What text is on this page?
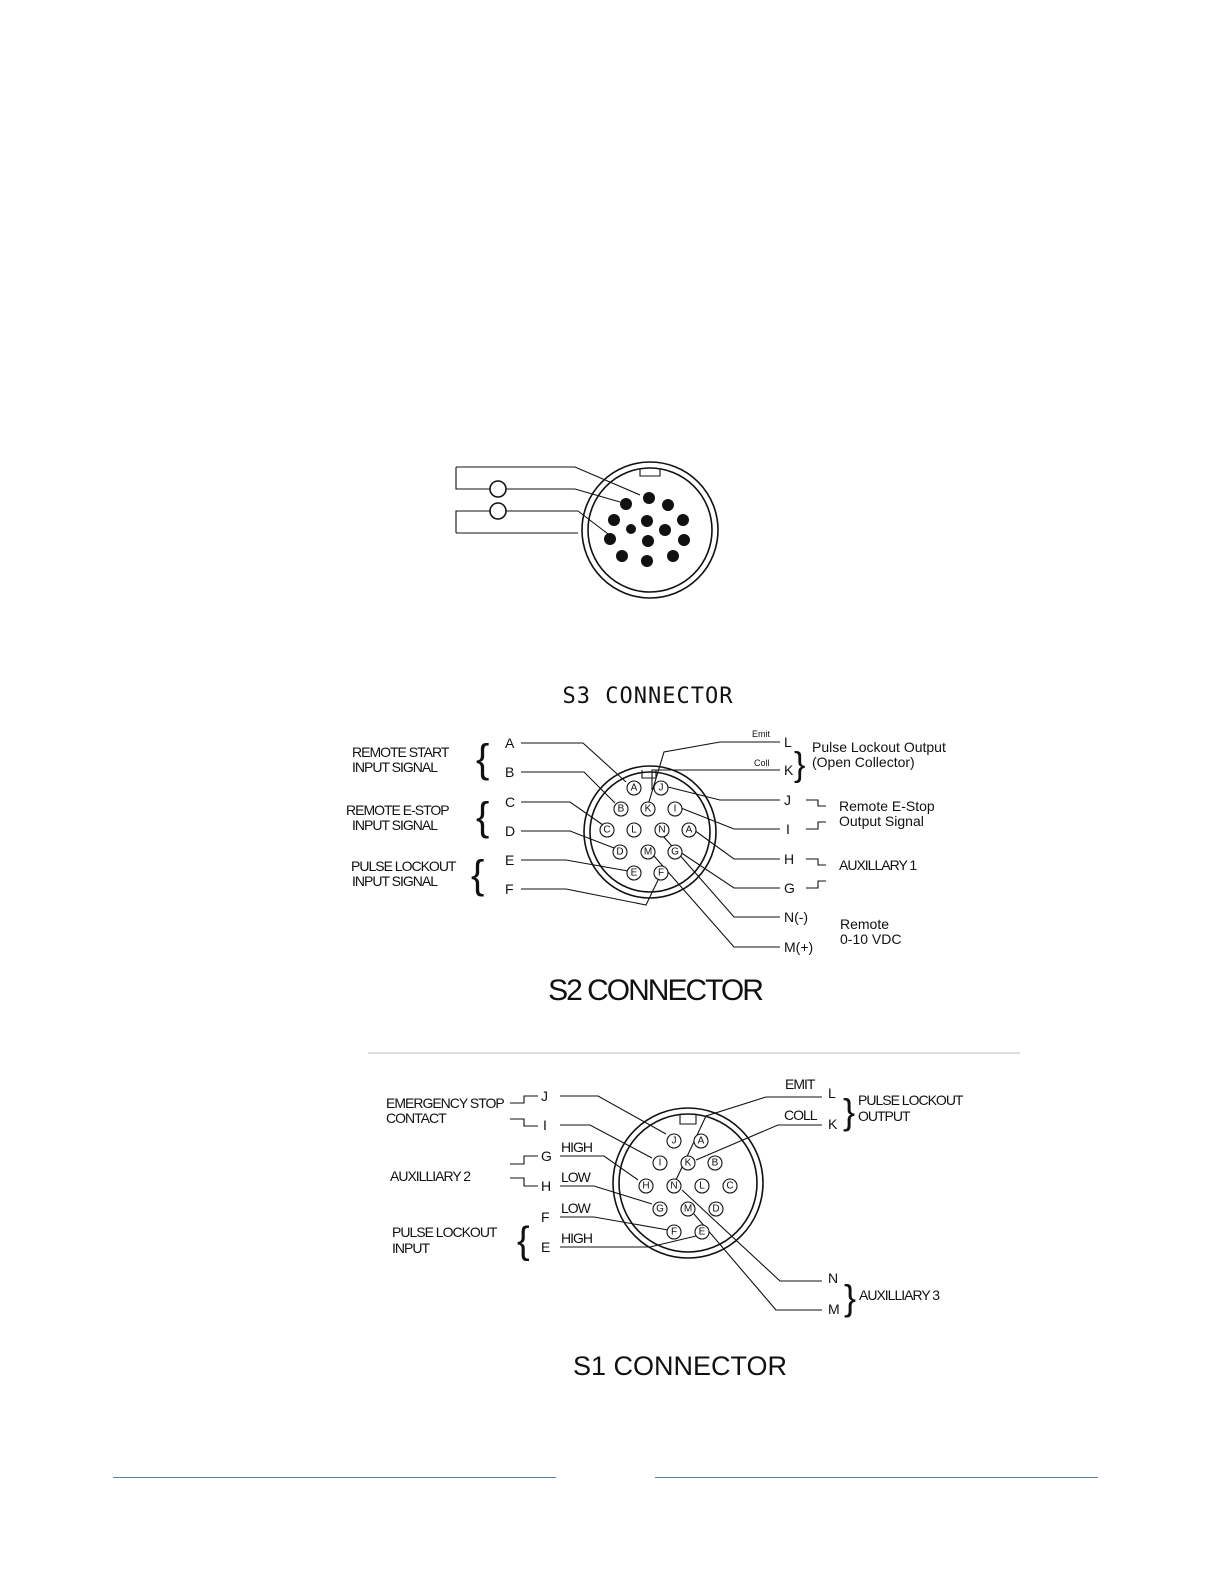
S3 CONNECTOR
A J
B K I
C L N A
D M G
E F
REMOTE START
INPUT SIGNAL
REMOTE E-STOP
INPUT SIGNAL
PULSE LOCKOUT
INPUT SIGNAL
{
{
{
A
B
C
D
E
F
Emit
Coll
L
K
J
I
H
G
N(-)
M(+)
} Pulse Lockout Output
(Open Collector)
Remote E-Stop
Output Signal
AUXILLARY 1
Remote
0-10 VDC
S2 CONNECTOR
J A
I K B
H N L C
G M D
F E
EMERGENCY STOP
CONTACT
AUXILLIARY 2
PULSE LOCKOUT
INPUT {
J
I
G
H
F
E
HIGH
LOW
LOW
HIGH
EMIT
COLL
L
K
N
M
}
}
PULSE LOCKOUT
OUTPUT
AUXILLIARY 3
S1 CONNECTOR
